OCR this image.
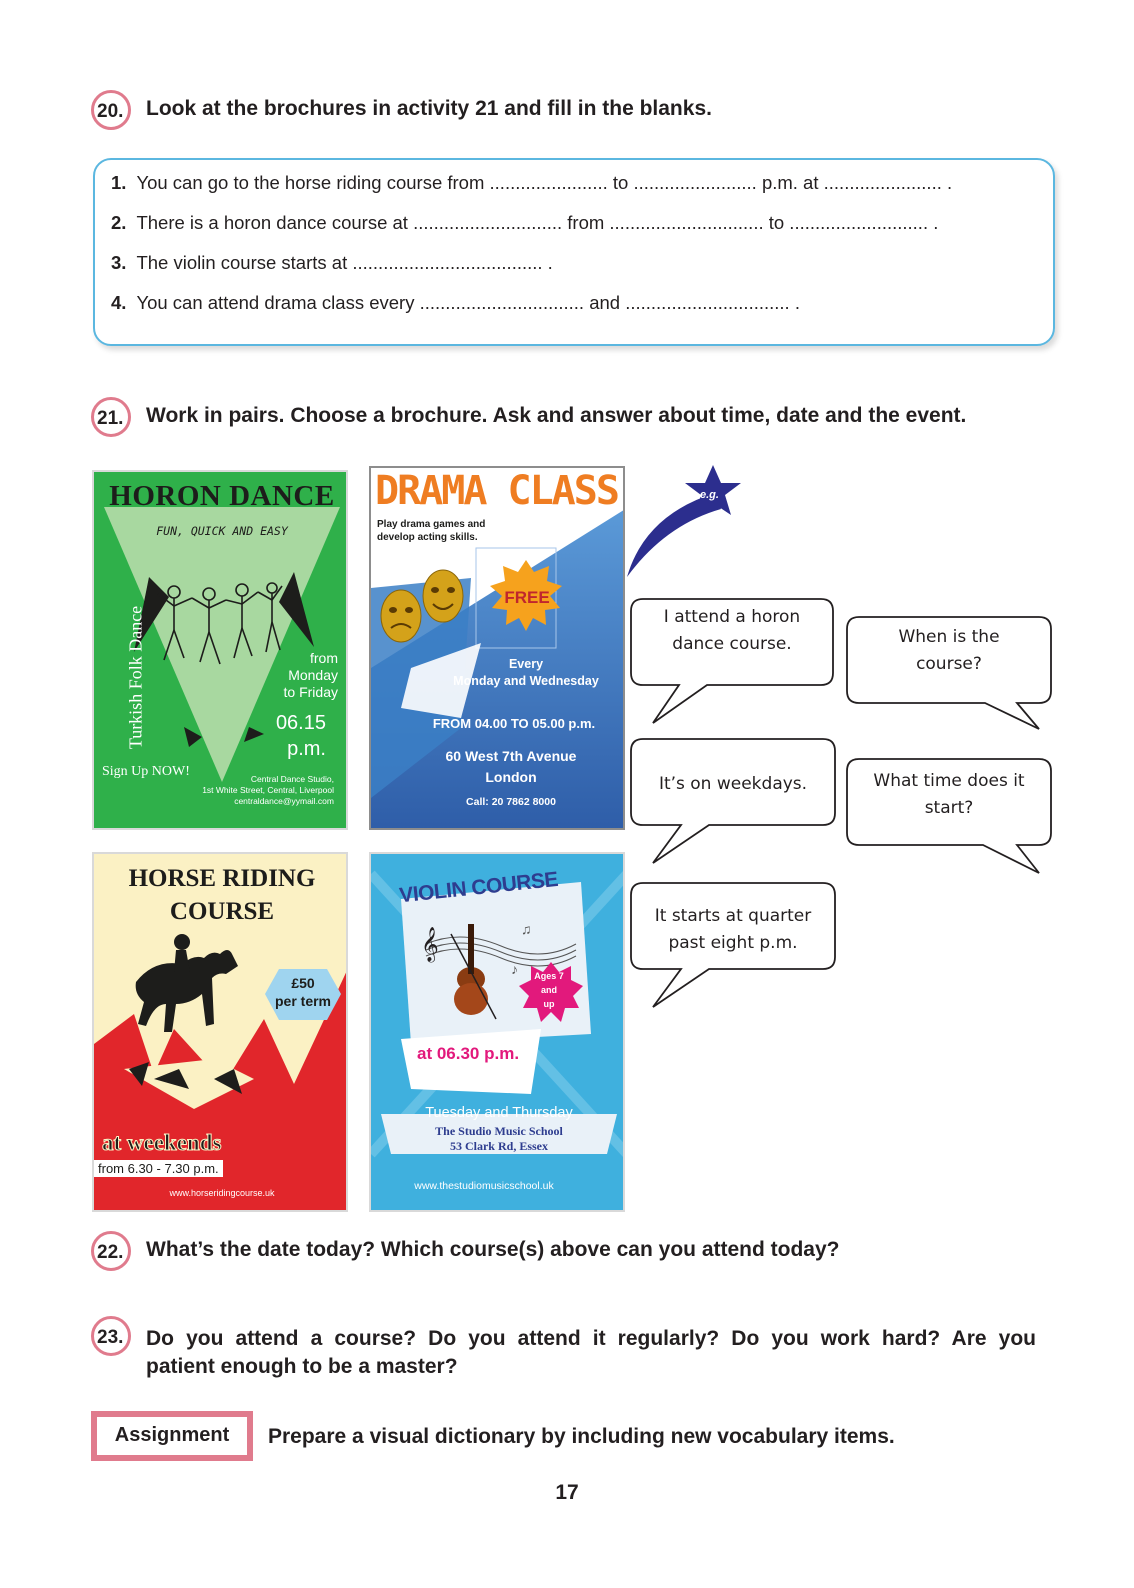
20. Look at the brochures in activity 21 and fill in the blanks.
1. You can go to the horse riding course from ....................... to ........................ p.m. at ....................... .
2. There is a horon dance course at ............................. from .............................. to ........................... .
3. The violin course starts at ..................................... .
4. You can attend drama class every ................................ and ................................ .
21. Work in pairs. Choose a brochure. Ask and answer about time, date and the event.
HORON DANCE
FUN, QUICK AND EASY
Turkish Folk Dance	from
Monday
to Friday
06.15
p.m.
Sign Up NOW!	Central Dance Studio,
1st White Street, Central, Liverpool
centraldance@yymail.com
DRAMA CLASS
Play drama games and
develop acting skills.
FREE
Every
Monday and Wednesday
FROM 04.00 TO 05.00 p.m.
60 West 7th Avenue
London
Call: 20 7862 8000
e.g.
I attend a horon
dance course.	When is the
course?
It’s on weekdays.	What time does it
start?
It starts at quarter
past eight p.m.
HORSE RIDING
COURSE
£50
per term
at weekends
from 6.30 - 7.30 p.m.
www.horseridingcourse.uk
𝄞
♪
♫
VIOLIN COURSE
Ages 7
and
up
at 06.30 p.m.
Tuesday and Thursday
The Studio Music School
53 Clark Rd, Essex
www.thestudiomusicschool.uk
22. What’s the date today? Which course(s) above can you attend today?
23. Do you attend a course? Do you attend it regularly? Do you work hard? Are you
patient enough to be a master?
Assignment	Prepare a visual dictionary by including new vocabulary items.
17
